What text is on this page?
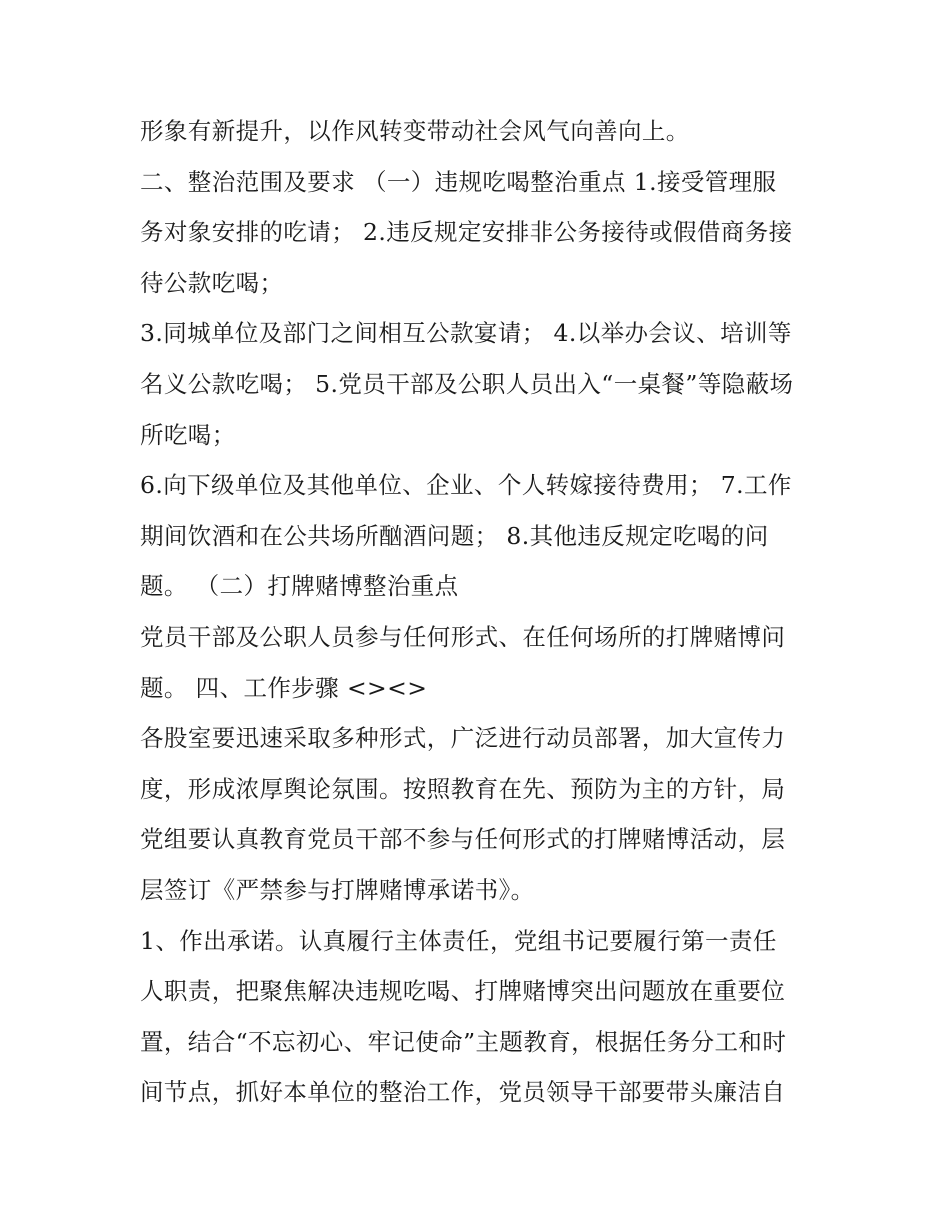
形象有新提升，以作风转变带动社会风气向善向上。
二、整治范围及要求 （一）违规吃喝整治重点 1.接受管理服
务对象安排的吃请； 2.违反规定安排非公务接待或假借商务接
待公款吃喝；
3.同城单位及部门之间相互公款宴请； 4.以举办会议、培训等
名义公款吃喝； 5.党员干部及公职人员出入“一桌餐”等隐蔽场
所吃喝；
6.向下级单位及其他单位、企业、个人转嫁接待费用； 7.工作
期间饮酒和在公共场所酗酒问题； 8.其他违反规定吃喝的问
题。 （二）打牌赌博整治重点
党员干部及公职人员参与任何形式、在任何场所的打牌赌博问
题。 四、工作步骤 <><>
各股室要迅速采取多种形式，广泛进行动员部署，加大宣传力
度，形成浓厚舆论氛围。按照教育在先、预防为主的方针，局
党组要认真教育党员干部不参与任何形式的打牌赌博活动，层
层签订《严禁参与打牌赌博承诺书》。
1、作出承诺。认真履行主体责任，党组书记要履行第一责任
人职责，把聚焦解决违规吃喝、打牌赌博突出问题放在重要位
置，结合“不忘初心、牢记使命”主题教育，根据任务分工和时
间节点，抓好本单位的整治工作，党员领导干部要带头廉洁自
